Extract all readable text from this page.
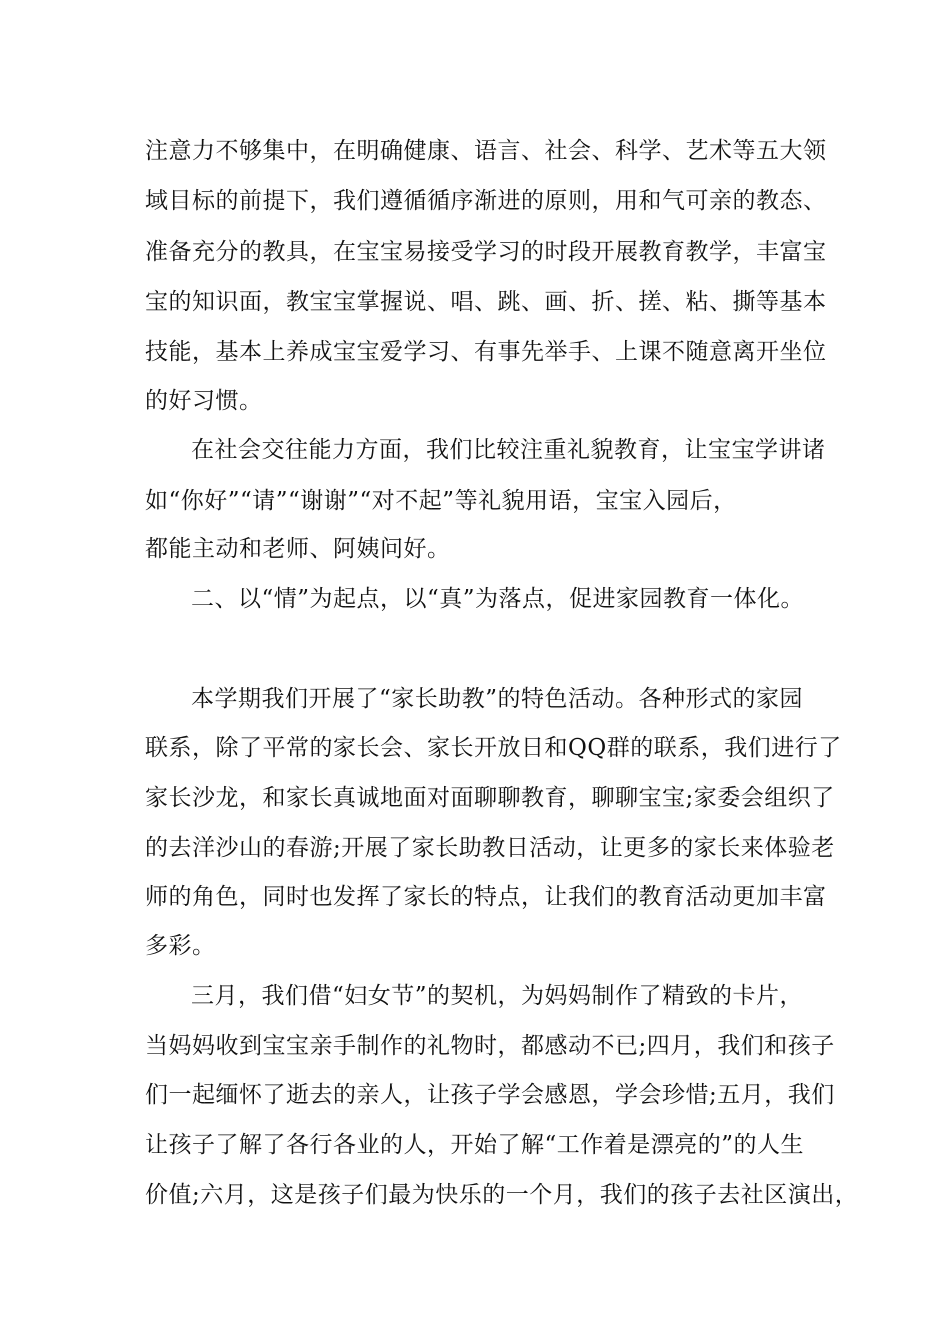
注意力不够集中，在明确健康、语言、社会、科学、艺术等五大领
域目标的前提下，我们遵循循序渐进的原则，用和气可亲的教态、
准备充分的教具，在宝宝易接受学习的时段开展教育教学，丰富宝
宝的知识面，教宝宝掌握说、唱、跳、画、折、搓、粘、撕等基本
技能，基本上养成宝宝爱学习、有事先举手、上课不随意离开坐位
的好习惯。
在社会交往能力方面，我们比较注重礼貌教育，让宝宝学讲诸
如“你好”“请”“谢谢”“对不起”等礼貌用语，宝宝入园后，
都能主动和老师、阿姨问好。
二、以“情”为起点，以“真”为落点，促进家园教育一体化。
本学期我们开展了“家长助教”的特色活动。各种形式的家园
联系，除了平常的家长会、家长开放日和QQ群的联系，我们进行了
家长沙龙，和家长真诚地面对面聊聊教育，聊聊宝宝;家委会组织了
的去洋沙山的春游;开展了家长助教日活动，让更多的家长来体验老
师的角色，同时也发挥了家长的特点，让我们的教育活动更加丰富
多彩。
三月，我们借“妇女节”的契机，为妈妈制作了精致的卡片，
当妈妈收到宝宝亲手制作的礼物时，都感动不已;四月，我们和孩子
们一起缅怀了逝去的亲人，让孩子学会感恩，学会珍惜;五月，我们
让孩子了解了各行各业的人，开始了解“工作着是漂亮的”的人生
价值;六月，这是孩子们最为快乐的一个月，我们的孩子去社区演出，
